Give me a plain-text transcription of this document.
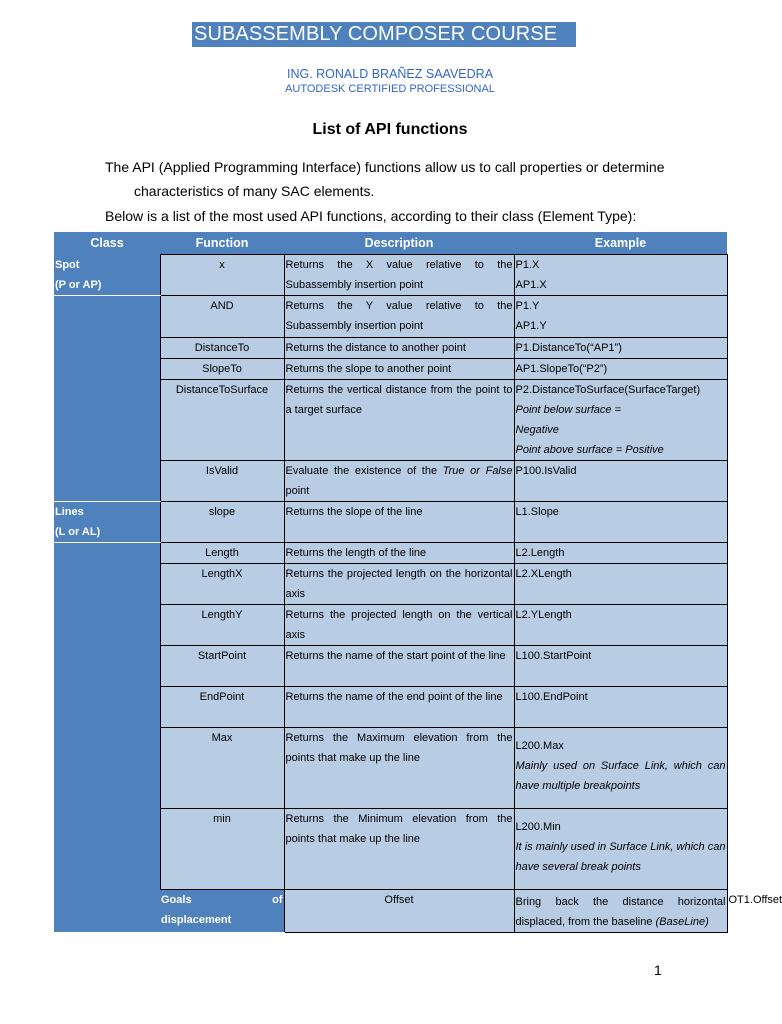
SUBASSEMBLY COMPOSER COURSE
ING. RONALD BRAÑEZ SAAVEDRA
AUTODESK CERTIFIED PROFESSIONAL
List of API functions
The API (Applied Programming Interface) functions allow us to call properties or determine
characteristics of many SAC elements.
Below is a list of the most used API functions, according to their class (Element Type):
Class	Function	Description	Example	

Spot
(P or AP)	x	Returns the X value relative to the Subassembly insertion point	P1.X
AP1.X	

	AND	Returns the Y value relative to the Subassembly insertion point	P1.Y
AP1.Y	

	DistanceTo	Returns the distance to another point	P1.DistanceTo(“AP1”)	
	SlopeTo	Returns the slope to another point	AP1.SlopeTo(“P2”)	
	DistanceToSurface	Returns the vertical distance from the point to a target surface	P2.DistanceToSurface(SurfaceTarget)
Point below surface =
Negative
Point above surface = Positive	

	IsValid	Evaluate the existence of the True or False point	P100.IsValid	

Lines
(L or AL)	slope	Returns the slope of the line	L1.Slope	
	Length	Returns the length of the line	L2.Length	
	LengthX	Returns the projected length on the horizontal axis	L2.XLength	
	LengthY	Returns the projected length on the vertical axis	L2.YLength	
	StartPoint	Returns the name of the start point of the line	L100.StartPoint	
	EndPoint	Returns the name of the end point of the line	L100.EndPoint	
	Max	Returns the Maximum elevation from the points that make up the line	L200.Max
Mainly used on Surface Link, which can have multiple breakpoints	

	min	Returns the Minimum elevation from the points that make up the line	L200.Min
It is mainly used in Surface Link, which can have several break points	

	Goals of
displacement	Offset	Bring back the distance horizontal displaced, from the baseline (BaseLine)	OT1.Offset
1
